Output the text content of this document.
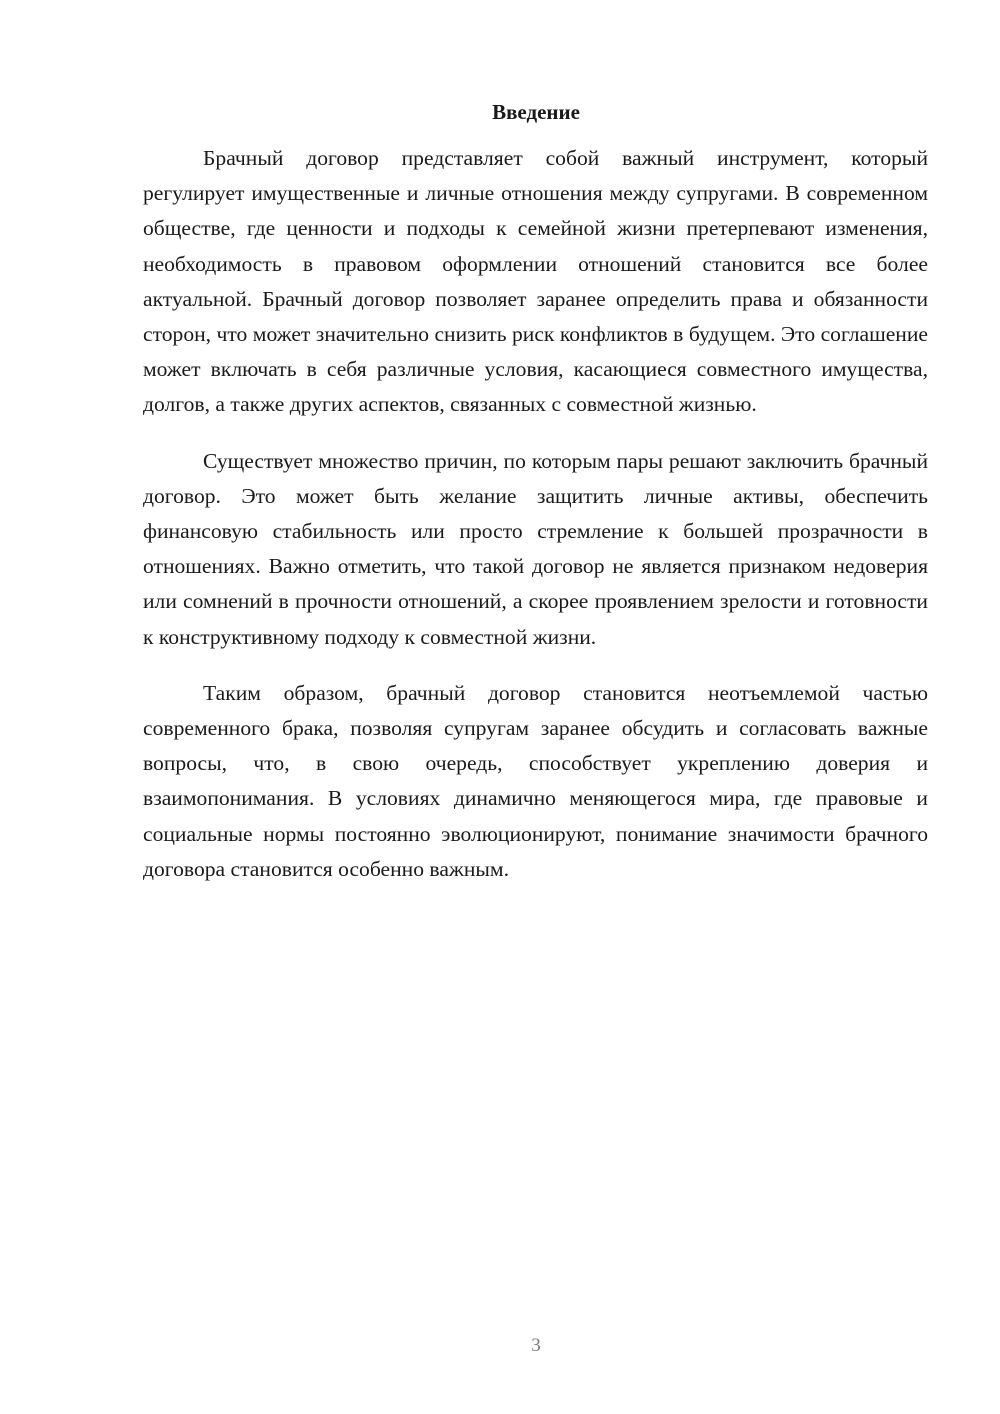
Введение

Брачный договор представляет собой важный инструмент, который регулирует имущественные и личные отношения между супругами. В современном обществе, где ценности и подходы к семейной жизни претерпевают изменения, необходимость в правовом оформлении отношений становится все более актуальной. Брачный договор позволяет заранее определить права и обязанности сторон, что может значительно снизить риск конфликтов в будущем. Это соглашение может включать в себя различные условия, касающиеся совместного имущества, долгов, а также других аспектов, связанных с совместной жизнью.

Существует множество причин, по которым пары решают заключить брачный договор. Это может быть желание защитить личные активы, обеспечить финансовую стабильность или просто стремление к большей прозрачности в отношениях. Важно отметить, что такой договор не является признаком недоверия или сомнений в прочности отношений, а скорее проявлением зрелости и готовности к конструктивному подходу к совместной жизни.

Таким образом, брачный договор становится неотъемлемой частью современного брака, позволяя супругам заранее обсудить и согласовать важные вопросы, что, в свою очередь, способствует укреплению доверия и взаимопонимания. В условиях динамично меняющегося мира, где правовые и социальные нормы постоянно эволюционируют, понимание значимости брачного договора становится особенно важным.

3
